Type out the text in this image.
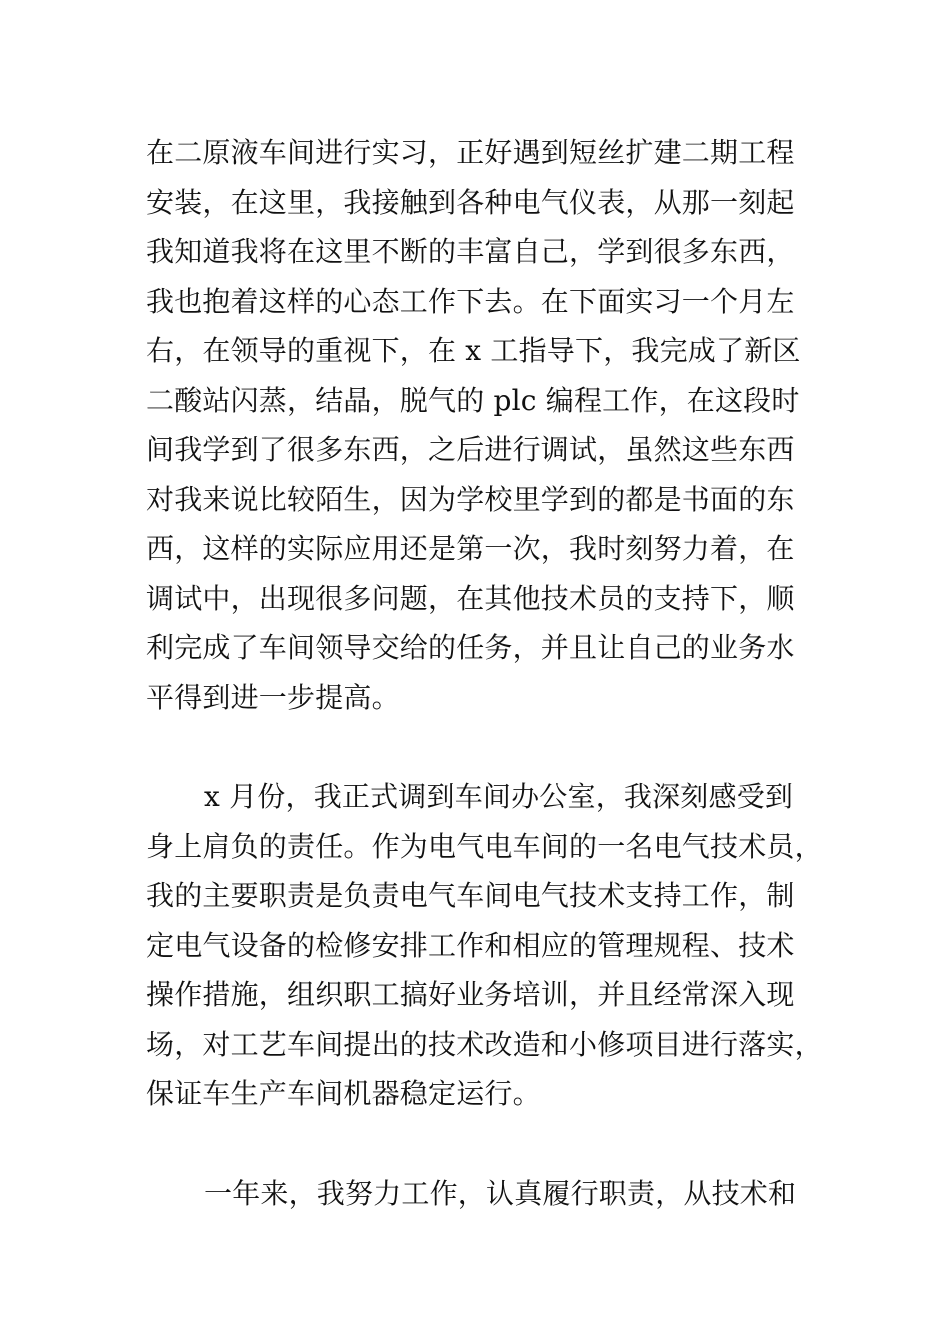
在二原液车间进行实习，正好遇到短丝扩建二期工程
安装，在这里，我接触到各种电气仪表，从那一刻起
我知道我将在这里不断的丰富自己，学到很多东西，
我也抱着这样的心态工作下去。在下面实习一个月左
右，在领导的重视下，在 x 工指导下，我完成了新区
二酸站闪蒸，结晶，脱气的 plc 编程工作，在这段时
间我学到了很多东西，之后进行调试，虽然这些东西
对我来说比较陌生，因为学校里学到的都是书面的东
西，这样的实际应用还是第一次，我时刻努力着，在
调试中，出现很多问题，在其他技术员的支持下，顺
利完成了车间领导交给的任务，并且让自己的业务水
平得到进一步提高。
x 月份，我正式调到车间办公室，我深刻感受到
身上肩负的责任。作为电气电车间的一名电气技术员，
我的主要职责是负责电气车间电气技术支持工作，制
定电气设备的检修安排工作和相应的管理规程、技术
操作措施，组织职工搞好业务培训，并且经常深入现
场，对工艺车间提出的技术改造和小修项目进行落实，
保证车生产车间机器稳定运行。
一年来，我努力工作，认真履行职责，从技术和
